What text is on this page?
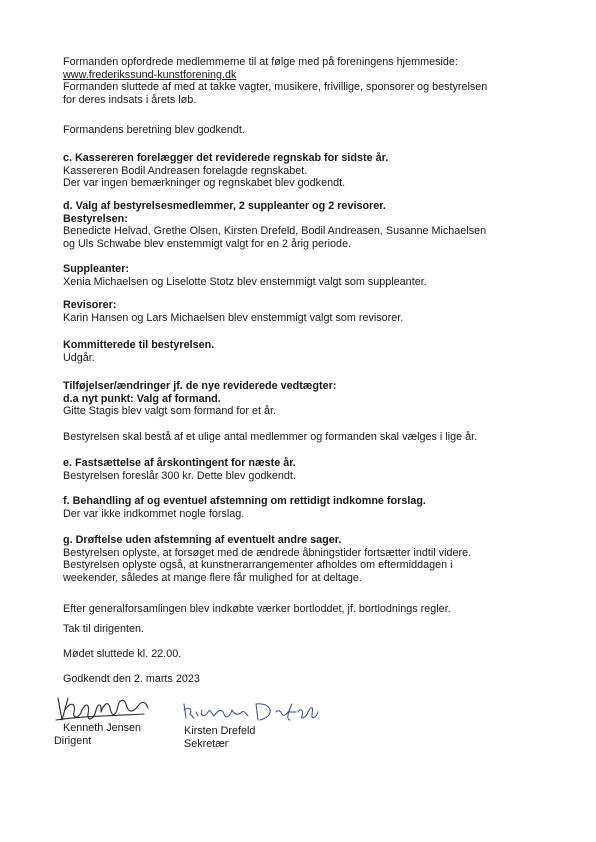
Formanden opfordrede medlemmerne til at følge med på foreningens hjemmeside:
www.frederikssund-kunstforening.dk
Formanden sluttede af med at takke vagter, musikere, frivillige, sponsorer og bestyrelsen
for deres indsats i årets løb.
Formandens beretning blev godkendt.
c. Kassereren forelægger det reviderede regnskab for sidste år.
Kassereren Bodil Andreasen forelagde regnskabet.
Der var ingen bemærkninger og regnskabet blev godkendt.
d. Valg af bestyrelsesmedlemmer, 2 suppleanter og 2 revisorer.
Bestyrelsen:
Benedicte Helvad, Grethe Olsen, Kirsten Drefeld, Bodil Andreasen, Susanne Michaelsen
og Uls Schwabe blev enstemmigt valgt for en 2 årig periode.
Suppleanter:
Xenia Michaelsen og Liselotte Stotz blev enstemmigt valgt som suppleanter.
Revisorer:
Karin Hansen og Lars Michaelsen blev enstemmigt valgt som revisorer.
Kommitterede til bestyrelsen.
Udgår.
Tilføjelser/ændringer jf. de nye reviderede vedtægter:
d.a nyt punkt: Valg af formand.
Gitte Stagis blev valgt som formand for et år.
Bestyrelsen skal bestå af et ulige antal medlemmer og formanden skal vælges i lige år.
e. Fastsættelse af årskontingent for næste år.
Bestyrelsen foreslår 300 kr. Dette blev godkendt.
f. Behandling af og eventuel afstemning om rettidigt indkomne forslag.
Der var ikke indkommet nogle forslag.
g. Drøftelse uden afstemning af eventuelt andre sager.
Bestyrelsen oplyste, at forsøget med de ændrede åbningstider fortsætter indtil videre.
Bestyrelsen oplyste også, at kunstnerarrangementer afholdes om eftermiddagen i
weekender, således at mange flere får mulighed for at deltage.
Efter generalforsamlingen blev indkøbte værker bortloddet, jf. bortlodnings regler.
Tak til dirigenten.
Mødet sluttede kl. 22.00.
Godkendt den 2. marts 2023
Kenneth Jensen
Dirigent
Kirsten Drefeld
Sekretær
